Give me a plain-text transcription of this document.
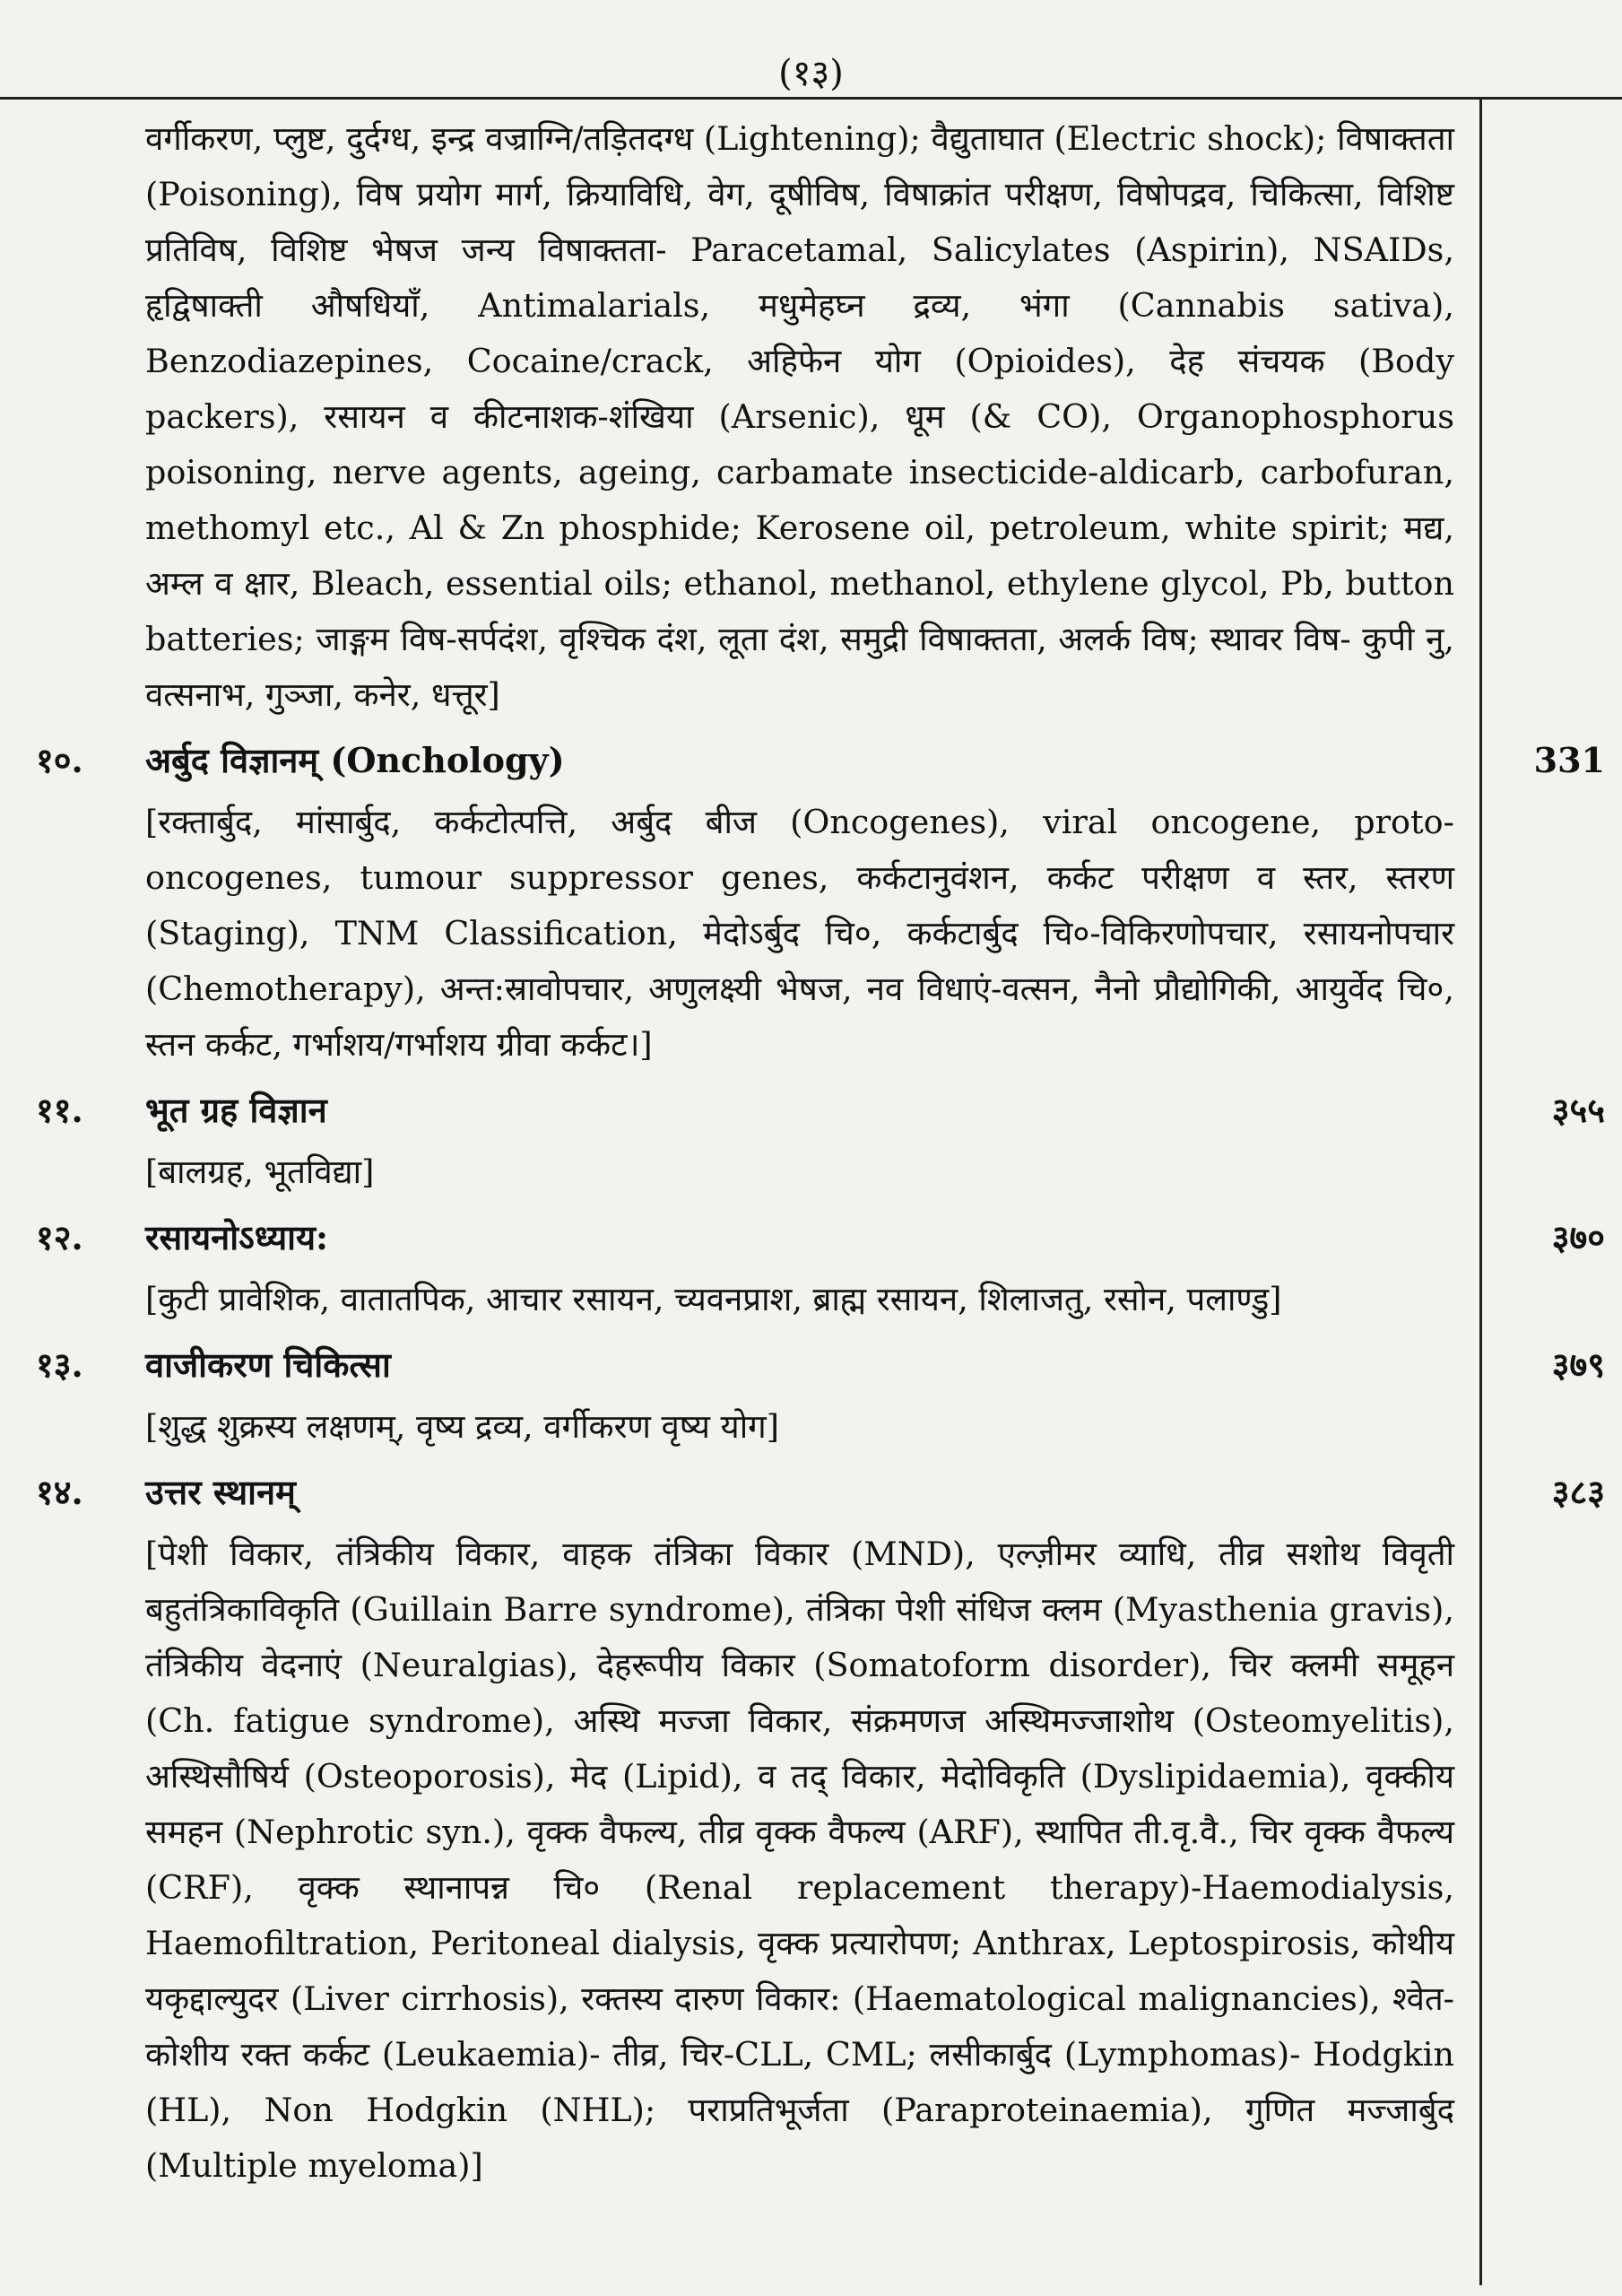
(१३)

वर्गीकरण, प्लुष्ट, दुर्दग्ध, इन्द्र वज्राग्नि/तड़ितदग्ध (Lightening); वैद्युताघात (Electric shock); विषाक्तता (Poisoning), विष प्रयोग मार्ग, क्रियाविधि, वेग, दूषीविष, विषाक्रांत परीक्षण, विषोपद्रव, चिकित्सा, विशिष्ट प्रतिविष, विशिष्ट भेषज जन्य विषाक्तता- Paracetamal, Salicylates (Aspirin), NSAIDs, हृद्विषाक्ती औषधियाँ, Antimalarials, मधुमेहघ्न द्रव्य, भंगा (Cannabis sativa), Benzodiazepines, Cocaine/crack, अहिफेन योग (Opioides), देह संचयक (Body packers), रसायन व कीटनाशक-शंखिया (Arsenic), धूम (& CO), Organophosphorus poisoning, nerve agents, ageing, carbamate insecticide-aldicarb, carbofuran, methomyl etc., Al & Zn phosphide; Kerosene oil, petroleum, white spirit; मद्य, अम्ल व क्षार, Bleach, essential oils; ethanol, methanol, ethylene glycol, Pb, button batteries; जाङ्गम विष-सर्पदंश, वृश्चिक दंश, लूता दंश, समुद्री विषाक्तता, अलर्क विष; स्थावर विष- कुपी नु, वत्सनाभ, गुञ्जा, कनेर, धत्तूर]

१०. अर्बुद विज्ञानम् (Onchology)	331

[रक्तार्बुद, मांसार्बुद, कर्कटोत्पत्ति, अर्बुद बीज (Oncogenes), viral oncogene, proto-oncogenes, tumour suppressor genes, कर्कटानुवंशन, कर्कट परीक्षण व स्तर, स्तरण (Staging), TNM Classification, मेदोऽर्बुद चि०, कर्कटार्बुद चि०-विकिरणोपचार, रसायनोपचार (Chemotherapy), अन्त:स्रावोपचार, अणुलक्ष्यी भेषज, नव विधाएं-वत्सन, नैनो प्रौद्योगिकी, आयुर्वेद चि०, स्तन कर्कट, गर्भाशय/गर्भाशय ग्रीवा कर्कट।]

११. भूत ग्रह विज्ञान	३५५

[बालग्रह, भूतविद्या]

१२. रसायनोऽध्याय:	३७०

[कुटी प्रावेशिक, वातातपिक, आचार रसायन, च्यवनप्राश, ब्राह्म रसायन, शिलाजतु, रसोन, पलाण्डु]

१३. वाजीकरण चिकित्सा	३७९

[शुद्ध शुक्रस्य लक्षणम्, वृष्य द्रव्य, वर्गीकरण वृष्य योग]

१४. उत्तर स्थानम्	३८३

[पेशी विकार, तंत्रिकीय विकार, वाहक तंत्रिका विकार (MND), एल्ज़ीमर व्याधि, तीव्र सशोथ विवृती बहुतंत्रिकाविकृति (Guillain Barre syndrome), तंत्रिका पेशी संधिज क्लम (Myasthenia gravis), तंत्रिकीय वेदनाएं (Neuralgias), देहरूपीय विकार (Somatoform disorder), चिर क्लमी समूहन (Ch. fatigue syndrome), अस्थि मज्जा विकार, संक्रमणज अस्थिमज्जाशोथ (Osteomyelitis), अस्थिसौषिर्य (Osteoporosis), मेद (Lipid), व तद् विकार, मेदोविकृति (Dyslipidaemia), वृक्कीय समहन (Nephrotic syn.), वृक्क वैफल्य, तीव्र वृक्क वैफल्य (ARF), स्थापित ती.वृ.वै., चिर वृक्क वैफल्य (CRF), वृक्क स्थानापन्न चि० (Renal replacement therapy)-Haemodialysis, Haemofiltration, Peritoneal dialysis, वृक्क प्रत्यारोपण; Anthrax, Leptospirosis, कोथीय यकृद्दाल्युदर (Liver cirrhosis), रक्तस्य दारुण विकार: (Haematological malignancies), श्वेत-कोशीय रक्त कर्कट (Leukaemia)- तीव्र, चिर-CLL, CML; लसीकार्बुद (Lymphomas)- Hodgkin (HL), Non Hodgkin (NHL); पराप्रतिभूर्जता (Paraproteinaemia), गुणित मज्जार्बुद (Multiple myeloma)]
